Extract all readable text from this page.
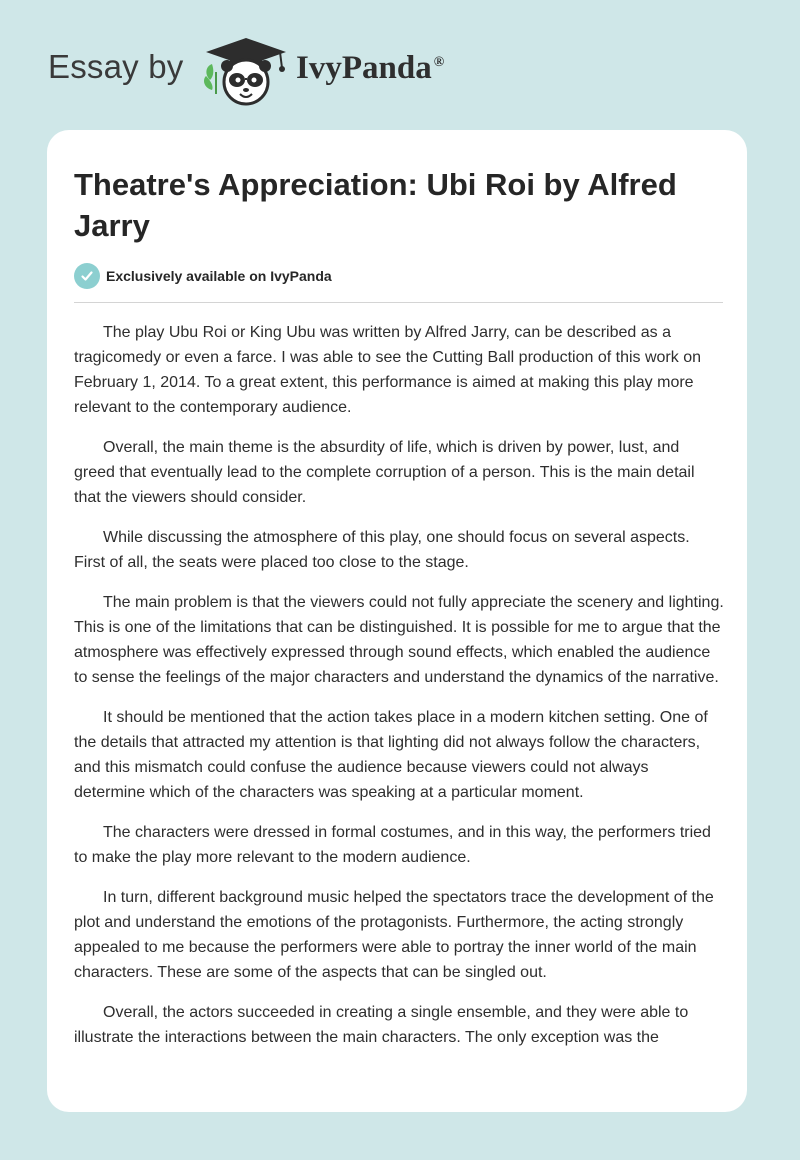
Essay by	IvyPanda ®
Theatre's Appreciation: Ubi Roi by Alfred Jarry
Exclusively available on IvyPanda

The play Ubu Roi or King Ubu was written by Alfred Jarry, can be described as a tragicomedy or even a farce. I was able to see the Cutting Ball production of this work on February 1, 2014. To a great extent, this performance is aimed at making this play more relevant to the contemporary audience.

Overall, the main theme is the absurdity of life, which is driven by power, lust, and greed that eventually lead to the complete corruption of a person. This is the main detail that the viewers should consider.

While discussing the atmosphere of this play, one should focus on several aspects. First of all, the seats were placed too close to the stage.

The main problem is that the viewers could not fully appreciate the scenery and lighting. This is one of the limitations that can be distinguished. It is possible for me to argue that the atmosphere was effectively expressed through sound effects, which enabled the audience to sense the feelings of the major characters and understand the dynamics of the narrative.

It should be mentioned that the action takes place in a modern kitchen setting. One of the details that attracted my attention is that lighting did not always follow the characters, and this mismatch could confuse the audience because viewers could not always determine which of the characters was speaking at a particular moment.

The characters were dressed in formal costumes, and in this way, the performers tried to make the play more relevant to the modern audience.

In turn, different background music helped the spectators trace the development of the plot and understand the emotions of the protagonists. Furthermore, the acting strongly appealed to me because the performers were able to portray the inner world of the main characters. These are some of the aspects that can be singled out.

Overall, the actors succeeded in creating a single ensemble, and they were able to illustrate the interactions between the main characters. The only exception was the
